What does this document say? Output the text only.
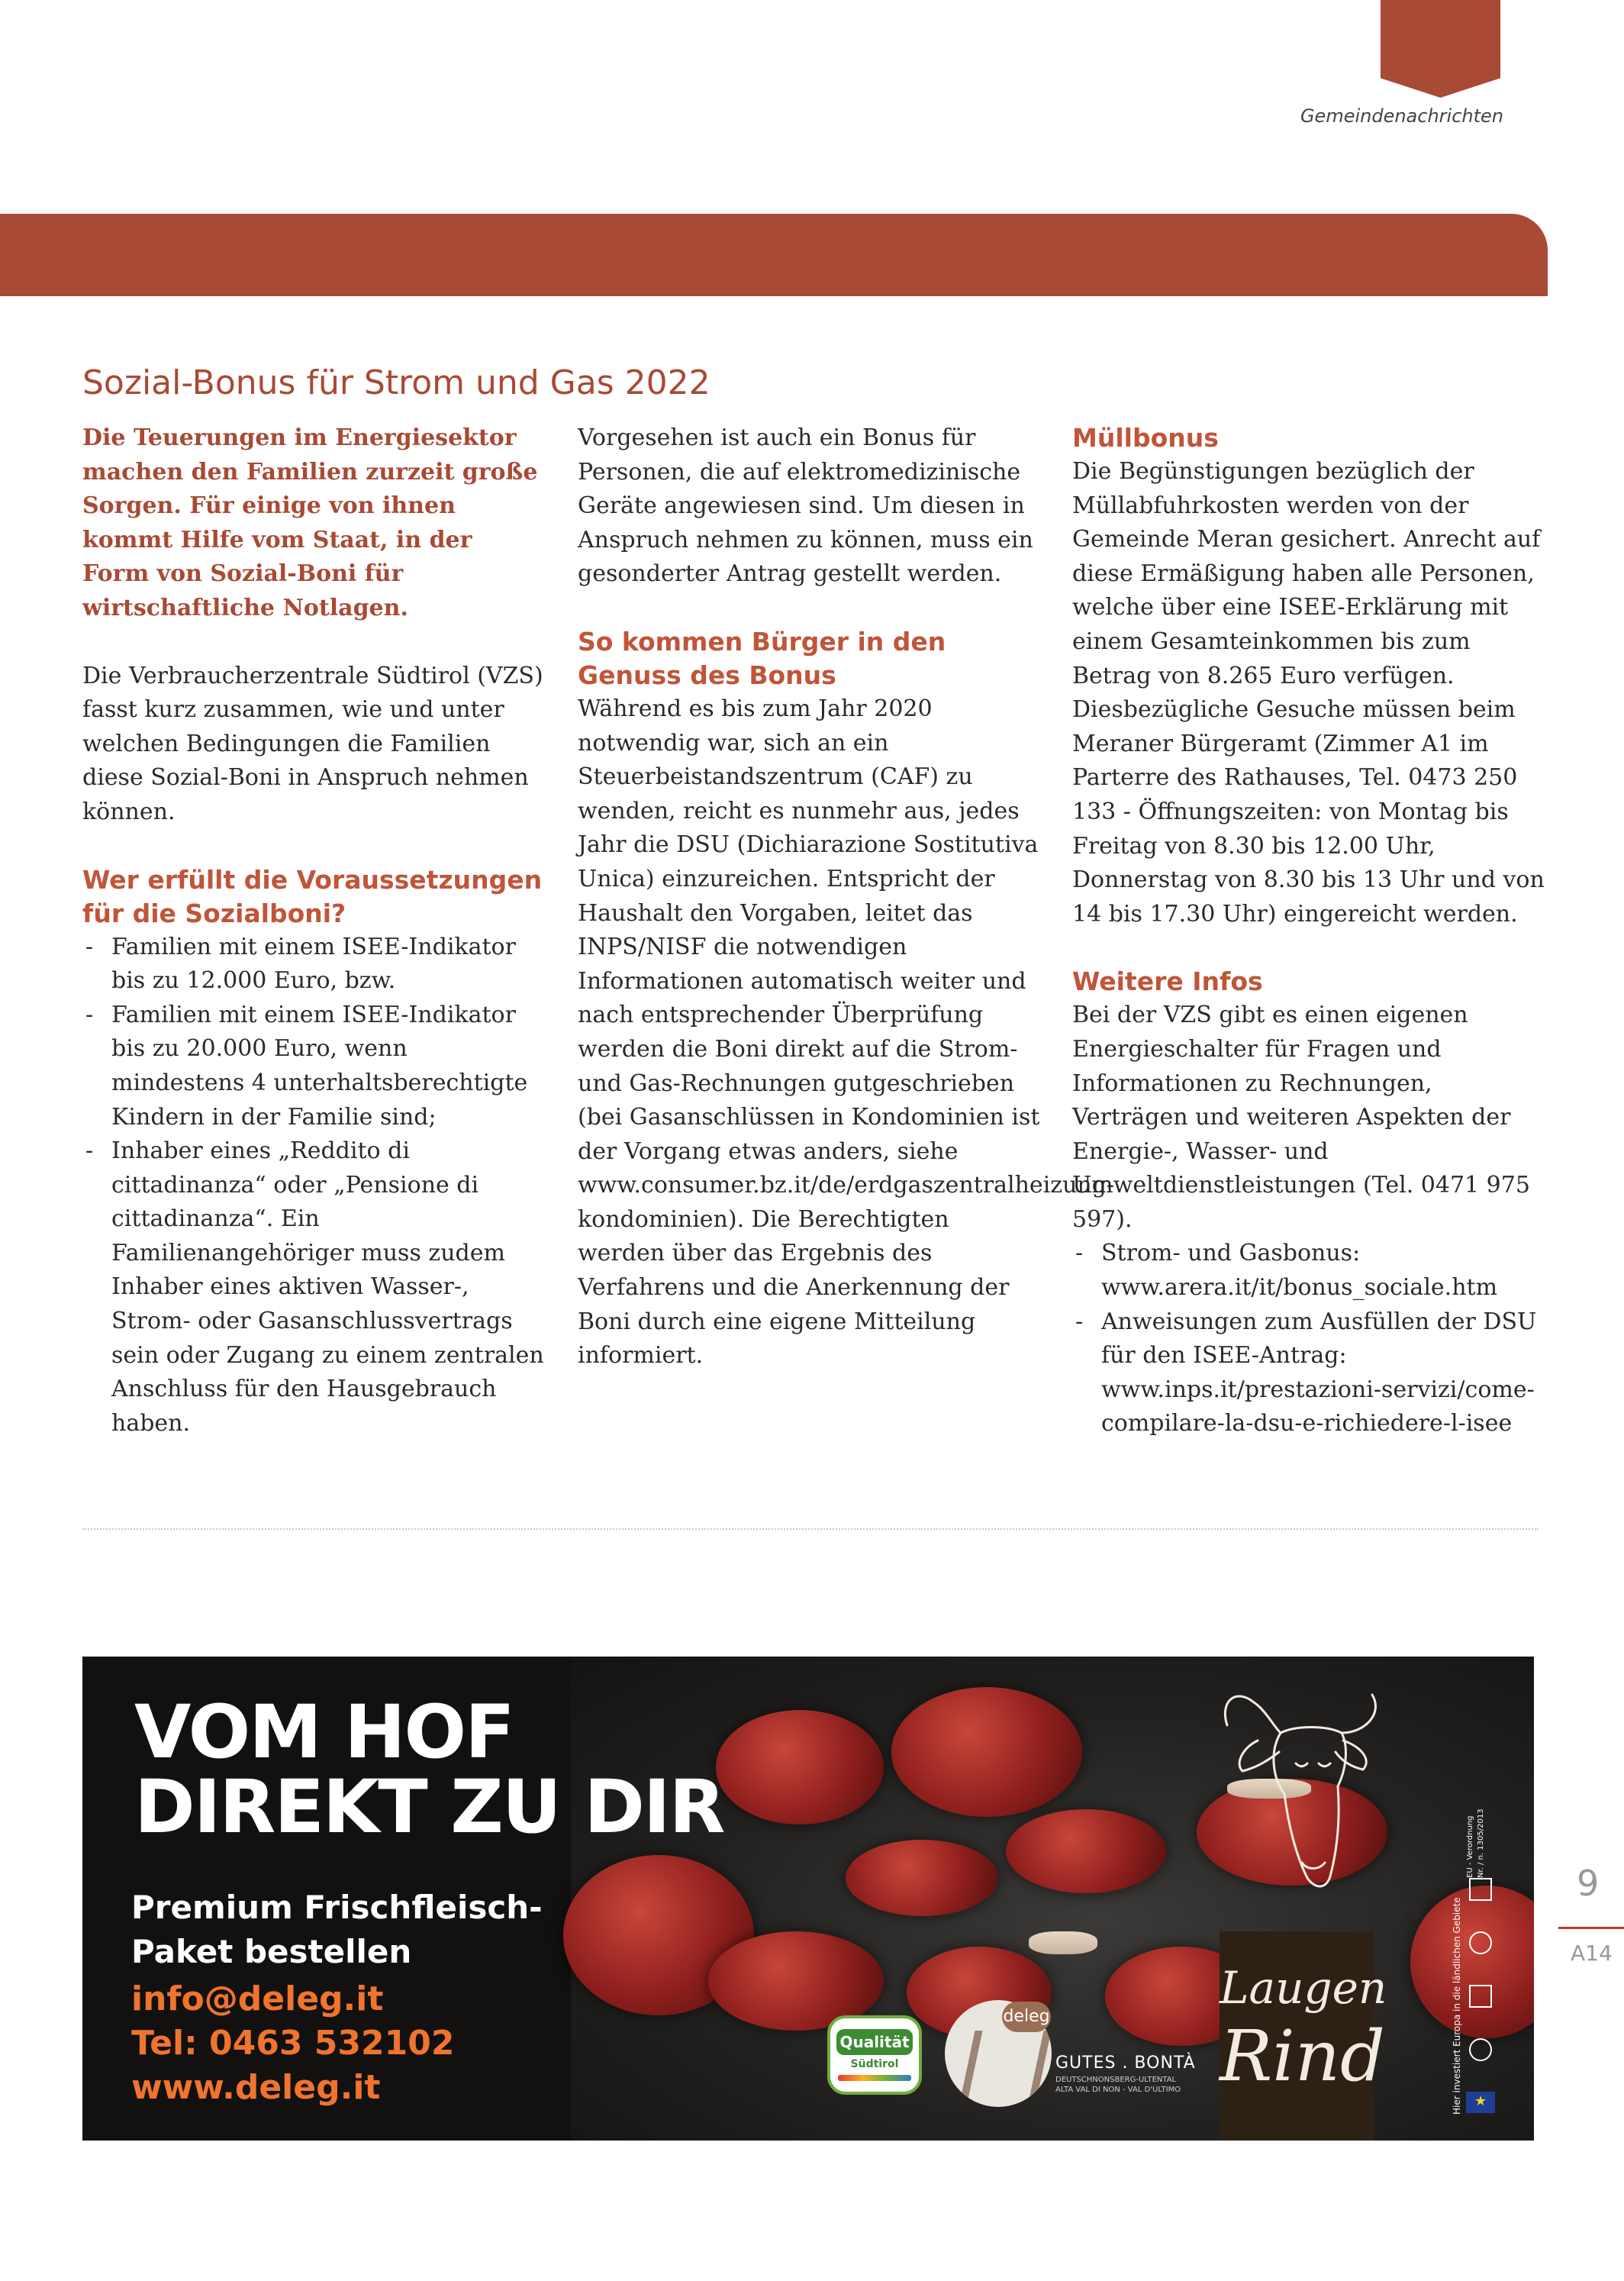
Gemeindenachrichten
Sozial-Bonus für Strom und Gas 2022

Die Teuerungen im Energiesektor machen den Familien zurzeit große Sorgen. Für einige von ihnen kommt Hilfe vom Staat, in der Form von Sozial-Boni für wirtschaftliche Notlagen.

Die Verbraucherzentrale Südtirol (VZS) fasst kurz zusammen, wie und unter welchen Bedingungen die Familien diese Sozial-Boni in Anspruch nehmen können.

Wer erfüllt die Voraussetzungen für die Sozialboni?
- Familien mit einem ISEE-Indikator bis zu 12.000 Euro, bzw.
- Familien mit einem ISEE-Indikator bis zu 20.000 Euro, wenn mindestens 4 unterhaltsberechtigte Kindern in der Familie sind;
- Inhaber eines „Reddito di cittadinanza“ oder „Pensione di cittadinanza“. Ein Familienangehöriger muss zudem Inhaber eines aktiven Wasser-, Strom- oder Gasanschlussvertrags sein oder Zugang zu einem zentralen Anschluss für den Hausgebrauch haben.

Vorgesehen ist auch ein Bonus für Personen, die auf elektromedizinische Geräte angewiesen sind. Um diesen in Anspruch nehmen zu können, muss ein gesonderter Antrag gestellt werden.

So kommen Bürger in den Genuss des Bonus

Während es bis zum Jahr 2020 notwendig war, sich an ein Steuerbeistandszentrum (CAF) zu wenden, reicht es nunmehr aus, jedes Jahr die DSU (Dichiarazione Sostitutiva Unica) einzureichen. Entspricht der Haushalt den Vorgaben, leitet das INPS/NISF die notwendigen Informationen automatisch weiter und nach entsprechender Überprüfung werden die Boni direkt auf die Strom- und Gas-Rechnungen gutgeschrieben (bei Gasanschlüssen in Kondominien ist der Vorgang etwas anders, siehe www.consumer.bz.it/de/erdgaszentralheizung-kondominien). Die Berechtigten werden über das Ergebnis des Verfahrens und die Anerkennung der Boni durch eine eigene Mitteilung informiert.

Müllbonus

Die Begünstigungen bezüglich der Müllabfuhrkosten werden von der Gemeinde Meran gesichert. Anrecht auf diese Ermäßigung haben alle Personen, welche über eine ISEE-Erklärung mit einem Gesamteinkommen bis zum Betrag von 8.265 Euro verfügen. Diesbezügliche Gesuche müssen beim Meraner Bürgeramt (Zimmer A1 im Parterre des Rathauses, Tel. 0473 250 133 - Öffnungszeiten: von Montag bis Freitag von 8.30 bis 12.00 Uhr, Donnerstag von 8.30 bis 13 Uhr und von 14 bis 17.30 Uhr) eingereicht werden.

Weitere Infos

Bei der VZS gibt es einen eigenen Energieschalter für Fragen und Informationen zu Rechnungen, Verträgen und weiteren Aspekten der Energie-, Wasser- und Umweltdienstleistungen (Tel. 0471 975 597).

- Strom- und Gasbonus: www.arera.it/it/bonus_sociale.htm
- Anweisungen zum Ausfüllen der DSU für den ISEE-Antrag: www.inps.it/prestazioni-servizi/come-compilare-la-dsu-e-richiedere-l-isee
VOM HOF
DIREKT ZU DIR

Premium Frischfleisch-
Paket bestellen

info@deleg.it
Tel: 0463 532102
www.deleg.it
Qualität
Südtirol
deleg
GUTES . BONTÀ
DEUTSCHNONSBERG-ULTENTAL
ALTA VAL DI NON - VAL D'ULTIMO
Laugen
Rind	Hier investiert Europa in die ländlichen Gebiete
EU - Verordnung Nr. / n. 1305/2013
★
9
A14
